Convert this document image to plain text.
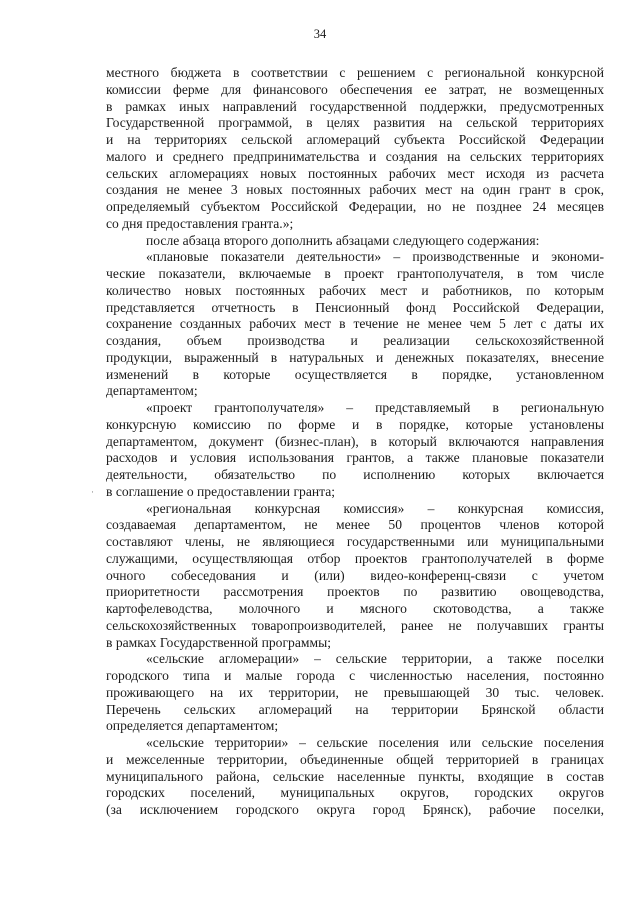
34
·
местного бюджета в соответствии с решением с региональной конкурсной
комиссии ферме для финансового обеспечения ее затрат, не возмещенных
в рамках иных направлений государственной поддержки, предусмотренных
Государственной программой, в целях развития на сельской территориях
и на территориях сельской агломераций субъекта Российской Федерации
малого и среднего предпринимательства и создания на сельских территориях
сельских агломерациях новых постоянных рабочих мест исходя из расчета
создания не менее 3 новых постоянных рабочих мест на один грант в срок,
определяемый субъектом Российской Федерации, но не позднее 24 месяцев
со дня предоставления гранта.»;
после абзаца второго дополнить абзацами следующего содержания:
«плановые показатели деятельности» – производственные и экономи-
ческие показатели, включаемые в проект грантополучателя, в том числе
количество новых постоянных рабочих мест и работников, по которым
представляется отчетность в Пенсионный фонд Российской Федерации,
сохранение созданных рабочих мест в течение не менее чем 5 лет с даты их
создания, объем производства и реализации сельскохозяйственной
продукции, выраженный в натуральных и денежных показателях, внесение
изменений в которые осуществляется в порядке, установленном
департаментом;
«проект грантополучателя» – представляемый в региональную
конкурсную комиссию по форме и в порядке, которые установлены
департаментом, документ (бизнес-план), в который включаются направления
расходов и условия использования грантов, а также плановые показатели
деятельности, обязательство по исполнению которых включается
в соглашение о предоставлении гранта;
«региональная конкурсная комиссия» – конкурсная комиссия,
создаваемая департаментом, не менее 50 процентов членов которой
составляют члены, не являющиеся государственными или муниципальными
служащими, осуществляющая отбор проектов грантополучателей в форме
очного собеседования и (или) видео-конференц-связи с учетом
приоритетности рассмотрения проектов по развитию овощеводства,
картофелеводства, молочного и мясного скотоводства, а также
сельскохозяйственных товаропроизводителей, ранее не получавших гранты
в рамках Государственной программы;
«сельские агломерации» – сельские территории, а также поселки
городского типа и малые города с численностью населения, постоянно
проживающего на их территории, не превышающей 30 тыс. человек.
Перечень сельских агломераций на территории Брянской области
определяется департаментом;
«сельские территории» – сельские поселения или сельские поселения
и межселенные территории, объединенные общей территорией в границах
муниципального района, сельские населенные пункты, входящие в состав
городских поселений, муниципальных округов, городских округов
(за исключением городского округа город Брянск), рабочие поселки,
